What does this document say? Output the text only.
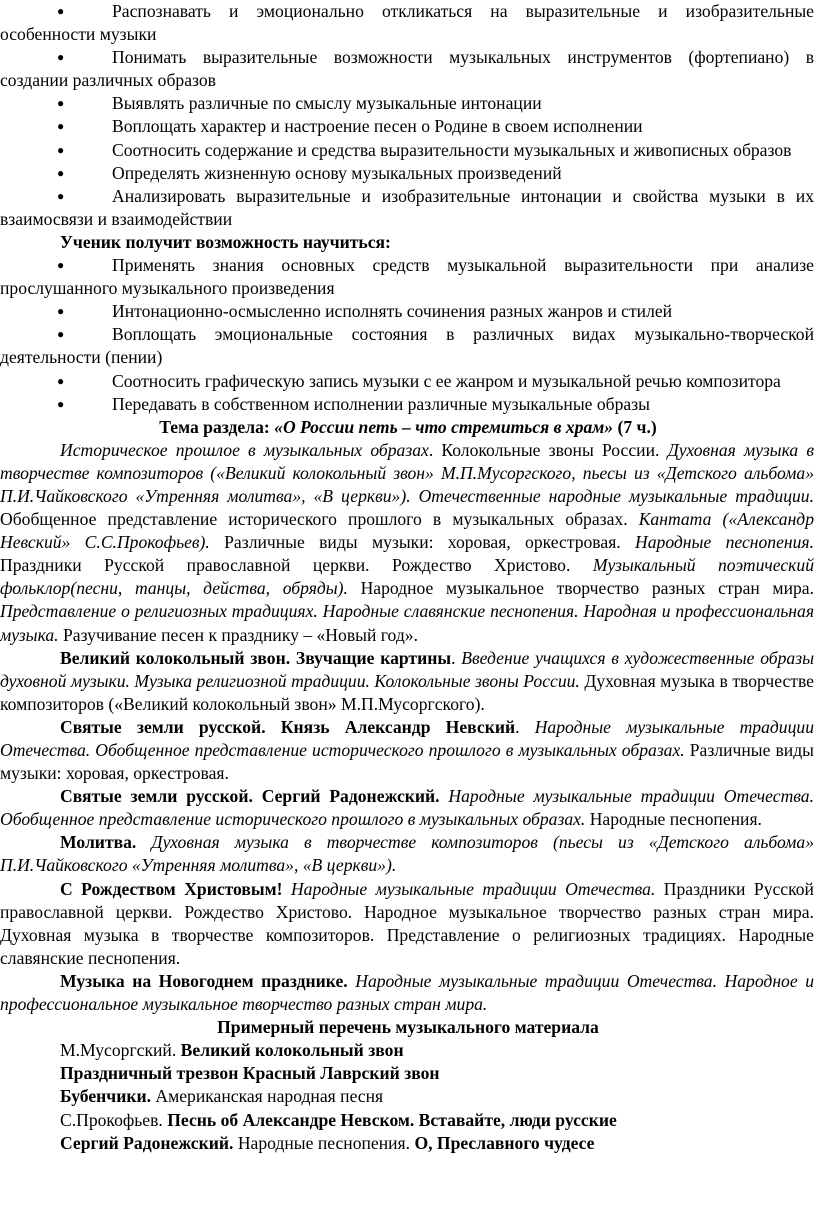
●	Распознавать и эмоционально откликаться на выразительные и изобразительные особенности музыки

●	Понимать выразительные возможности музыкальных инструментов (фортепиано) в создании различных образов

●	Выявлять различные по смыслу музыкальные интонации

●	Воплощать характер и настроение песен о Родине в своем исполнении

●	Соотносить содержание и средства выразительности музыкальных и живописных образов

●	Определять жизненную основу музыкальных произведений

●	Анализировать выразительные и изобразительные интонации и свойства музыки в их взаимосвязи и взаимодействии

Ученик получит возможность научиться:

●	Применять знания основных средств музыкальной выразительности при анализе прослушанного музыкального произведения

●	Интонационно-осмысленно исполнять сочинения разных жанров и стилей

●	Воплощать эмоциональные состояния в различных видах музыкально-творческой деятельности (пении)

●	Соотносить графическую запись музыки с ее жанром и музыкальной речью композитора

●	Передавать в собственном исполнении различные музыкальные образы

Тема раздела: «О России петь – что стремиться в храм» (7 ч.)

Историческое прошлое в музыкальных образах. Колокольные звоны России. Духовная музыка в творчестве композиторов («Великий колокольный звон» М.П.Мусоргского, пьесы из «Детского альбома» П.И.Чайковского «Утренняя молитва», «В церкви»). Отечественные народные музыкальные традиции. Обобщенное представление исторического прошлого в музыкальных образах. Кантата («Александр Невский» С.С.Прокофьев). Различные виды музыки: хоровая, оркестровая. Народные песнопения. Праздники Русской православной церкви. Рождество Христово. Музыкальный поэтический фольклор(песни, танцы, действа, обряды). Народное музыкальное творчество разных стран мира. Представление о религиозных традициях. Народные славянские песнопения. Народная и профессиональная музыка. Разучивание песен к празднику – «Новый год».

Великий колокольный звон. Звучащие картины. Введение учащихся в художественные образы духовной музыки. Музыка религиозной традиции. Колокольные звоны России. Духовная музыка в творчестве композиторов («Великий колокольный звон» М.П.Мусоргского).

Святые земли русской. Князь Александр Невский. Народные музыкальные традиции Отечества. Обобщенное представление исторического прошлого в музыкальных образах. Различные виды музыки: хоровая, оркестровая.

Святые земли русской. Сергий Радонежский. Народные музыкальные традиции Отечества. Обобщенное представление исторического прошлого в музыкальных образах. Народные песнопения.

Молитва. Духовная музыка в творчестве композиторов (пьесы из «Детского альбома» П.И.Чайковского «Утренняя молитва», «В церкви»).

С Рождеством Христовым! Народные музыкальные традиции Отечества. Праздники Русской православной церкви. Рождество Христово. Народное музыкальное творчество разных стран мира. Духовная музыка в творчестве композиторов. Представление о религиозных традициях. Народные славянские песнопения.

Музыка на Новогоднем празднике. Народные музыкальные традиции Отечества. Народное и профессиональное музыкальное творчество разных стран мира.

Примерный перечень музыкального материала

М.Мусоргский. Великий колокольный звон

Праздничный трезвон Красный Лаврский звон

Бубенчики. Американская народная песня

С.Прокофьев. Песнь об Александре Невском. Вставайте, люди русские

Сергий Радонежский. Народные песнопения. О, Преславного чудесе
